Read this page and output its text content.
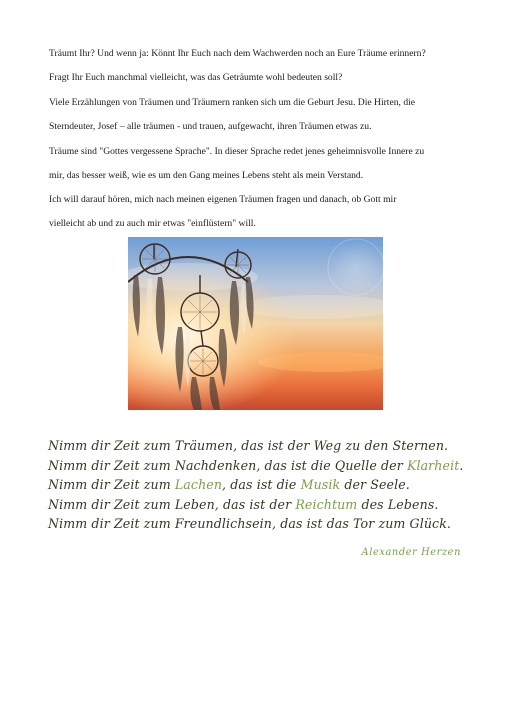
Träumt Ihr? Und wenn ja: Könnt Ihr Euch nach dem Wachwerden noch an Eure Träume erinnern?
Fragt Ihr Euch manchmal vielleicht, was das Geträumte wohl bedeuten soll?
Viele Erzählungen von Träumen und Träumern ranken sich um die Geburt Jesu. Die Hirten, die
Sterndeuter, Josef – alle träumen - und trauen, aufgewacht, ihren Träumen etwas zu.
Träume sind "Gottes vergessene Sprache". In dieser Sprache redet jenes geheimnisvolle Innere zu
mir, das besser weiß, wie es um den Gang meines Lebens steht als mein Verstand.
Ich will darauf hören, mich nach meinen eigenen Träumen fragen und danach, ob Gott mir
vielleicht ab und zu auch mir etwas "einflüstern" will.
Nimm dir Zeit zum Träumen, das ist der Weg zu den Sternen.
Nimm dir Zeit zum Nachdenken, das ist die Quelle der Klarheit.
Nimm dir Zeit zum Lachen, das ist die Musik der Seele.
Nimm dir Zeit zum Leben, das ist der Reichtum des Lebens.
Nimm dir Zeit zum Freundlichsein, das ist das Tor zum Glück.
Alexander Herzen
